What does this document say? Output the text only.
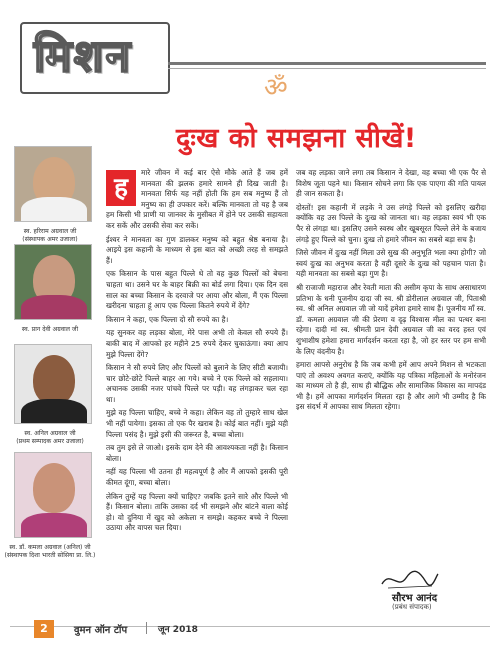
मिशन
ॐ
स्व. हरिराम अग्रवाल जी
(संस्थापक अमर उजाला)
स्व. प्रान देवी अग्रवाल जी
स्व. अनिल अग्रवाल जी
(प्रथम सम्पादक अमर उजाला)
स्व. डॉ. कमला अग्रवाल (अनिल) जी
(संस्थापक दिशा भारती सोसिया प्रा. लि.)
दुःख को समझना सीखें!
ह

मारे जीवन में कई बार ऐसे मौके आते हैं जब हमें मानवता की झलक हमारे सामने ही दिख जाती है। मानवता सिर्फ यह नहीं होती कि हम सब मनुष्य हैं तो मनुष्य का ही उपकार करें। बल्कि मानवता तो यह है जब हम किसी भी प्राणी या जानवर के मुसीबत में होने पर उसकी सहायता कर सकें और उसकी सेवा कर सकें।

ईश्वर ने मानवता का गुण डालकर मनुष्य को बहुत श्रेष्ठ बनाया है। आइये इस कहानी के माध्यम से इस बात को अच्छी तरह से समझते हैं।

एक किसान के पास बहुत पिल्ले थे तो वह कुछ पिल्लों को बेचना चाहता था। उसने घर के बाहर बिक्री का बोर्ड लगा दिया। एक दिन दस साल का बच्चा किसान के दरवाजे पर आया और बोला, मैं एक पिल्ला खरीदना चाहता हूं आप एक पिल्ला कितने रुपये में देंगे?

किसान ने कहा, एक पिल्ला दो सौ रुपये का है।

यह सुनकर वह लड़का बोला, मेरे पास अभी तो केवल सौ रुपये हैं। बाकी बाद में आपको हर महीने 25 रुपये देकर चुकाऊंगा। क्या आप मुझे पिल्ला देंगे?

किसान ने सौ रुपये लिए और पिल्लों को बुलाने के लिए सीटी बजायी। चार छोटे-छोटे पिल्ले बाहर आ गये। बच्चे ने एक पिल्ले को सहलाया। अचानक उसकी नजर पांचवे पिल्ले पर पड़ी। वह लंगड़ाकर चल रहा था।

मुझे वह पिल्ला चाहिए, बच्चे ने कहा। लेकिन वह तो तुम्हारे साथ खेल भी नहीं पायेगा। इसका तो एक पैर खराब है। कोई बात नहीं। मुझे यही पिल्ला पसंद है। मुझे इसी की जरूरत है, बच्चा बोला।

तब तुम इसे ले जाओ। इसके दाम देने की आवश्यकता नहीं है। किसान बोला।

नहीं यह पिल्ला भी उतना ही महत्वपूर्ण है और मैं आपको इसकी पूरी कीमत दूंगा, बच्चा बोला।

लेकिन तुम्हें यह पिल्ला क्यों चाहिए? जबकि इतने सारे और पिल्ले भी हैं। किसान बोला। ताकि उसका दर्द भी समझने और बांटने वाला कोई हो। वो दुनिया में खुद को अकेला न समझे। कहकर बच्चे ने पिल्ला उठाया और वापस चल दिया।

जब वह लड़का जाने लगा तब किसान ने देखा, वह बच्चा भी एक पैर से विशेष जूता पहने था। किसान सोचने लगा कि एक पाएगा की गति पायल ही जान सकता है।

दोस्तों! इस कहानी में लड़के ने उस लंगड़े पिल्ले को इसलिए खरीदा क्योंकि वह उस पिल्ले के दुःख को जानता था। वह लड़का स्वयं भी एक पैर से लंगड़ा था। इसलिए उसने स्वस्थ और खूबसूरत पिल्ले लेने के बजाय लंगड़े हुए पिल्ले को चुना। दुःख तो हमारे जीवन का सबसे बड़ा सच है।

जिसे जीवन में दुःख नहीं मिला उसे सुख की अनुभूति भला क्या होगी? जो स्वयं दुःख का अनुभव करता है वही दूसरे के दुःख को पहचान पाता है। यही मानवता का सबसे बड़ा गुण है।

श्री राजाजी महाराज और रेवती माता की असीम कृपा के साथ असाधारण प्रतिभा के धनी पूजनीय दादा जी स्व. श्री डोरीलाल अग्रवाल जी, पिताश्री स्व. श्री अनिल अग्रवाल जी जो यादें हमेशा हमारे साथ हैं। पूजनीय माँ स्व. डॉ. कमला अग्रवाल जी की प्रेरणा व दृढ़ विश्वास मील का पत्थर बना रहेगा। दादी मां स्व. श्रीमती प्रान देवी अग्रवाल जी का वरद हस्त एवं शुभाशीष हमेशा हमारा मार्गदर्शन करता रहा है, जो हर स्तर पर हम सभी के लिए वंदनीय है।

हमारा आपसे अनुरोध है कि जब कभी हमें आप अपने मिशन से भटकता पाएं तो अवश्य अवगत कराएं, क्योंकि यह पत्रिका महिलाओं के मनोरंजन का माध्यम तो है ही, साथ ही बौद्धिक और सामाजिक विकास का मापदंड भी है। हमें आपका मार्गदर्शन मिलता रहा है और आगे भी उम्मीद है कि इस संदर्भ में आपका साथ मिलता रहेगा।

सौरभ आनंद
(प्रबंध संपादक)
2	वुमन ऑन टॉप	जून 2018
